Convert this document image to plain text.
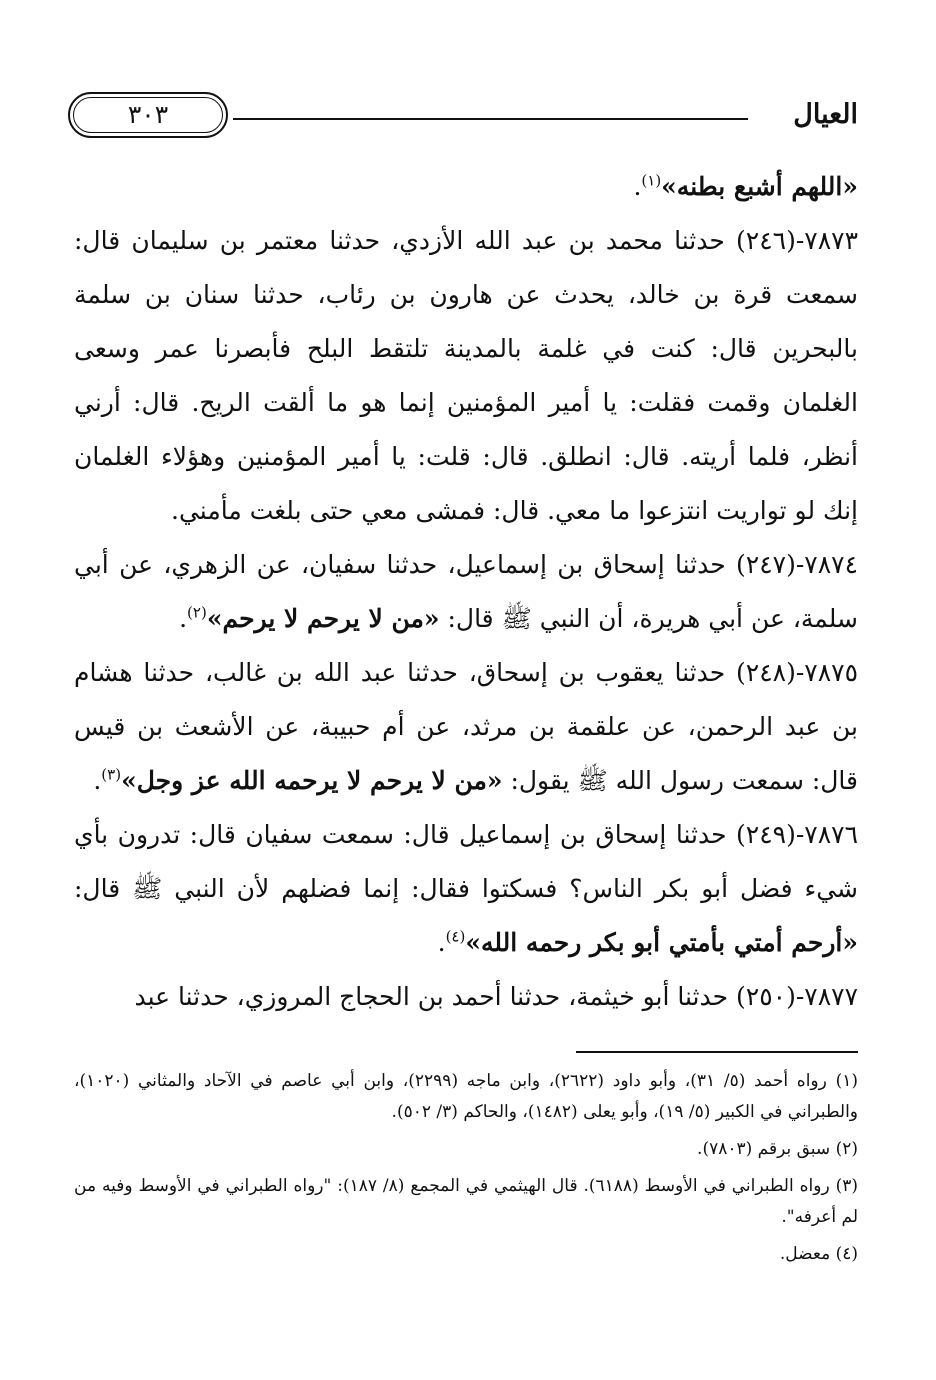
العيال
٣٠٣

«اللهم أشبع بطنه»$^{(١)}$.

٧٨٧٣-(٢٤٦) حدثنا محمد بن عبد الله الأزدي، حدثنا معتمر بن سليمان قال: سمعت قرة بن خالد، يحدث عن هارون بن رئاب، حدثنا سنان بن سلمة بالبحرين قال: كنت في غلمة بالمدينة تلتقط البلح فأبصرنا عمر وسعى الغلمان وقمت فقلت: يا أمير المؤمنين إنما هو ما ألقت الريح. قال: أرني أنظر، فلما أريته. قال: انطلق. قال: قلت: يا أمير المؤمنين وهؤلاء الغلمان إنك لو تواريت انتزعوا ما معي. قال: فمشى معي حتى بلغت مأمني.

٧٨٧٤-(٢٤٧) حدثنا إسحاق بن إسماعيل، حدثنا سفيان، عن الزهري، عن أبي سلمة، عن أبي هريرة، أن النبي ﷺ قال: «من لا يرحم لا يرحم»$^{(٢)}$.

٧٨٧٥-(٢٤٨) حدثنا يعقوب بن إسحاق، حدثنا عبد الله بن غالب، حدثنا هشام بن عبد الرحمن، عن علقمة بن مرثد، عن أم حبيبة، عن الأشعث بن قيس قال: سمعت رسول الله ﷺ يقول: «من لا يرحم لا يرحمه الله عز وجل»$^{(٣)}$.

٧٨٧٦-(٢٤٩) حدثنا إسحاق بن إسماعيل قال: سمعت سفيان قال: تدرون بأي شيء فضل أبو بكر الناس؟ فسكتوا فقال: إنما فضلهم لأن النبي ﷺ قال: «أرحم أمتي بأمتي أبو بكر رحمه الله»$^{(٤)}$.

٧٨٧٧-(٢٥٠) حدثنا أبو خيثمة، حدثنا أحمد بن الحجاج المروزي، حدثنا عبد

(١) رواه أحمد (٥/ ٣١)، وأبو داود (٢٦٢٢)، وابن ماجه (٢٢٩٩)، وابن أبي عاصم في الآحاد والمثاني (١٠٢٠)، والطبراني في الكبير (٥/ ١٩)، وأبو يعلى (١٤٨٢)، والحاكم (٣/ ٥٠٢).

(٢) سبق برقم (٧٨٠٣).

(٣) رواه الطبراني في الأوسط (٦١٨٨). قال الهيثمي في المجمع (٨/ ١٨٧): "رواه الطبراني في الأوسط وفيه من لم أعرفه".

(٤) معضل.
